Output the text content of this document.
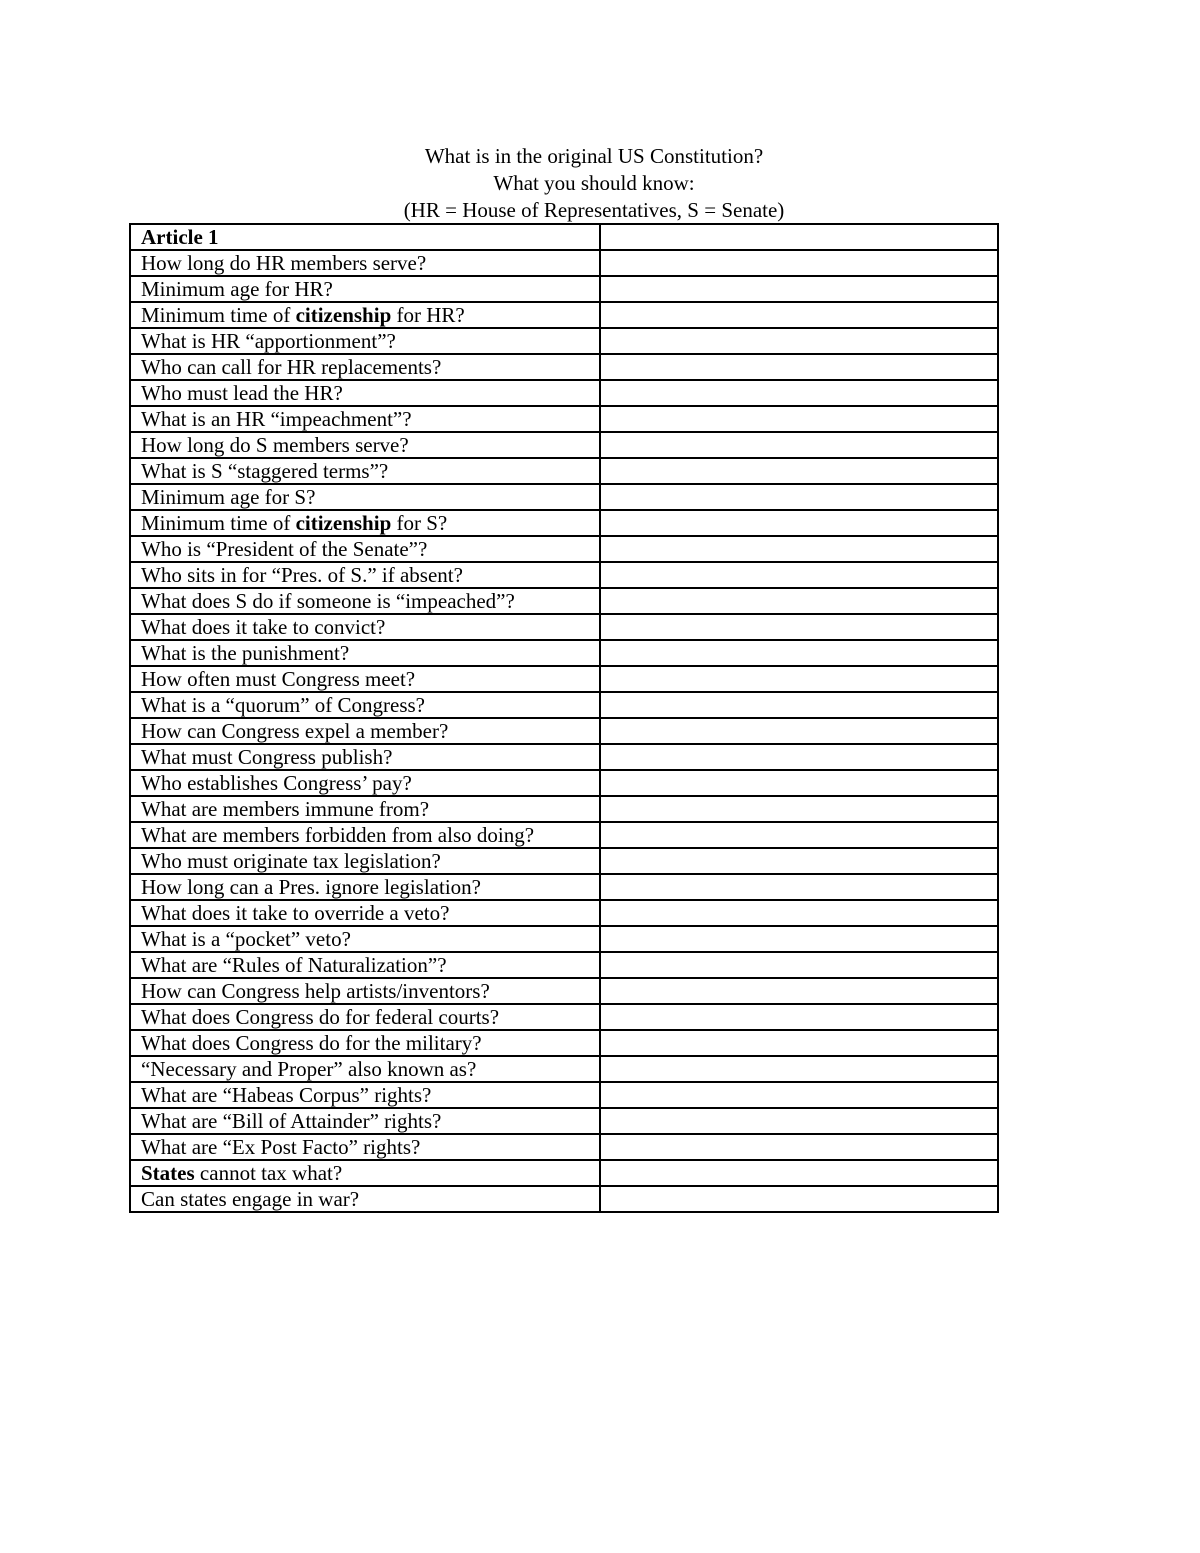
What is in the original US Constitution?
What you should know:
(HR = House of Representatives, S = Senate)
Article 1	
How long do HR members serve?	
Minimum age for HR?	
Minimum time of citizenship for HR?	
What is HR “apportionment”?	
Who can call for HR replacements?	
Who must lead the HR?	
What is an HR “impeachment”?	
How long do S members serve?	
What is S “staggered terms”?	
Minimum age for S?	
Minimum time of citizenship for S?	
Who is “President of the Senate”?	
Who sits in for “Pres. of S.” if absent?	
What does S do if someone is “impeached”?	
What does it take to convict?	
What is the punishment?	
How often must Congress meet?	
What is a “quorum” of Congress?	
How can Congress expel a member?	
What must Congress publish?	
Who establishes Congress’ pay?	
What are members immune from?	
What are members forbidden from also doing?	
Who must originate tax legislation?	
How long can a Pres. ignore legislation?	
What does it take to override a veto?	
What is a “pocket” veto?	
What are “Rules of Naturalization”?	
How can Congress help artists/inventors?	
What does Congress do for federal courts?	
What does Congress do for the military?	
“Necessary and Proper” also known as?	
What are “Habeas Corpus” rights?	
What are “Bill of Attainder” rights?	
What are “Ex Post Facto” rights?	
States cannot tax what?	
Can states engage in war?	
